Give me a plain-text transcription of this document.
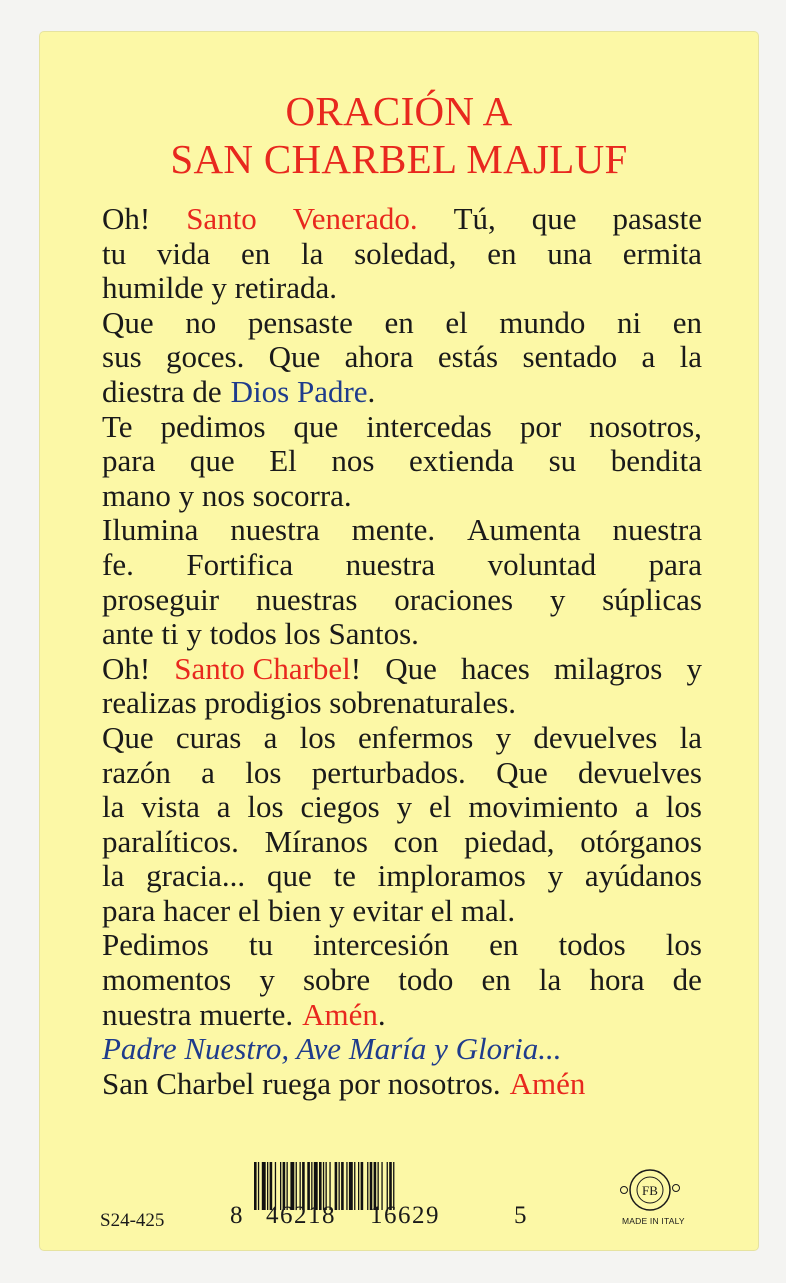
ORACIÓN A
SAN CHARBEL MAJLUF
Oh! Santo Venerado. Tú, que pasaste
tu vida en la soledad, en una ermita
humilde y retirada.
Que no pensaste en el mundo ni en
sus goces. Que ahora estás sentado a la
diestra de Dios Padre.
Te pedimos que intercedas por nosotros,
para que El nos extienda su bendita
mano y nos socorra.
Ilumina nuestra mente. Aumenta nuestra
fe. Fortifica nuestra voluntad para
proseguir nuestras oraciones y súplicas
ante ti y todos los Santos.
Oh! Santo Charbel! Que haces milagros y
realizas prodigios sobrenaturales.
Que curas a los enfermos y devuelves la
razón a los perturbados. Que devuelves
la vista a los ciegos y el movimiento a los
paralíticos. Míranos con piedad, otórganos
la gracia... que te imploramos y ayúdanos
para hacer el bien y evitar el mal.
Pedimos tu intercesión en todos los
momentos y sobre todo en la hora de
nuestra muerte. Amén.
Padre Nuestro, Ave María y Gloria...
San Charbel ruega por nosotros. Amén
S24-425	8 46218 16629	5
FB
MADE IN ITALY
